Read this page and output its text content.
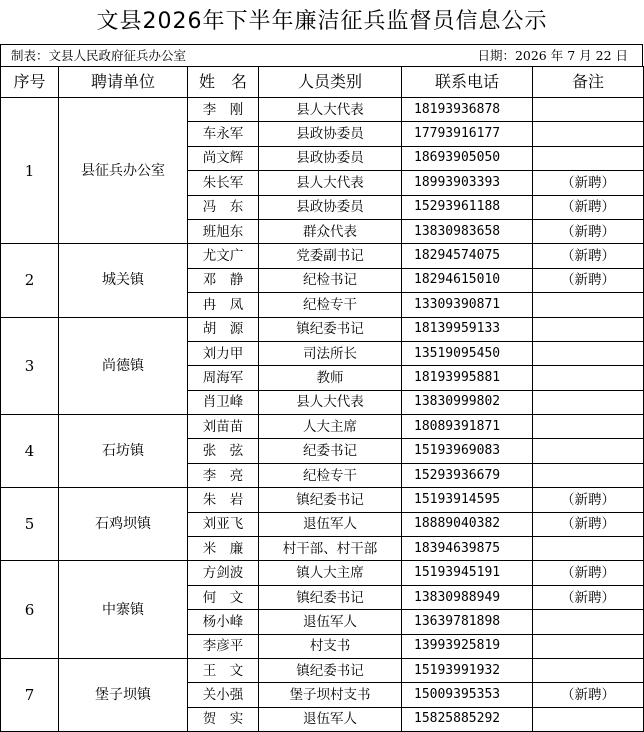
文县2026年下半年廉洁征兵监督员信息公示
制表：文县人民政府征兵办公室	日期：2026 年 7 月 22 日
序号	聘请单位	姓　名	人员类别	联系电话	备注
1	县征兵办公室	李　刚	县人大代表	18193936878	
		车永军	县政协委员	17793916177	
		尚文辉	县政协委员	18693905050	
		朱长军	县人大代表	18993903393	（新聘）
		冯　东	县政协委员	15293961188	（新聘）
		班旭东	群众代表	13830983658	（新聘）
2	城关镇	尤文广	党委副书记	18294574075	（新聘）
		邓　静	纪检书记	18294615010	（新聘）
		冉　凤	纪检专干	13309390871	
3	尚德镇	胡　源	镇纪委书记	18139959133	
		刘力甲	司法所长	13519095450	
		周海军	教师	18193995881	
		肖卫峰	县人大代表	13830999802	
4	石坊镇	刘苗苗	人大主席	18089391871	
		张　弦	纪委书记	15193969083	
		李　亮	纪检专干	15293936679	
5	石鸡坝镇	朱　岩	镇纪委书记	15193914595	（新聘）
		刘亚飞	退伍军人	18889040382	（新聘）
		米　廉	村干部、村干部	18394639875	
6	中寨镇	方剑波	镇人大主席	15193945191	（新聘）
		何　文	镇纪委书记	13830988949	（新聘）
		杨小峰	退伍军人	13639781898	
		李彦平	村支书	13993925819	
7	堡子坝镇	王　文	镇纪委书记	15193991932	
		关小强	堡子坝村支书	15009395353	（新聘）
		贺　实	退伍军人	15825885292	
